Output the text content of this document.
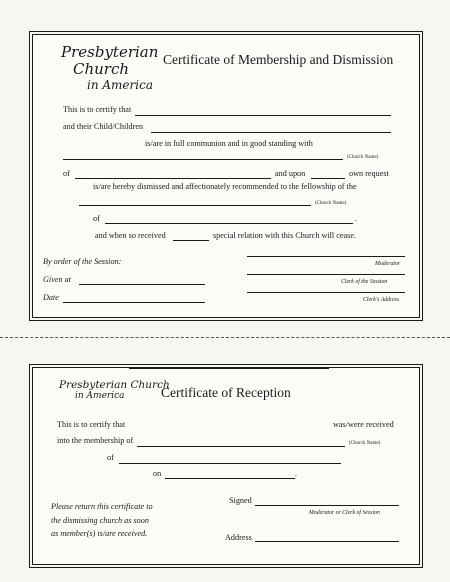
Presbyterian
Church
in America
Certificate of Membership and Dismission
This is to certify that
and their Child/Children
is/are in full communion and in good standing with
(Church Name)
of	and upon	own request
is/are hereby dismissed and affectionately recommended to the fellowship of the
(Church Name)
of	.
and when so received	special relation with this Church will cease.
By order of the Session:
Given at
Date
Moderator
Clerk of the Session
Clerk's Address
Presbyterian Church
in America	Certificate of Reception
This is to certify that	was/were received
into the membership of	(Church Name)
of
on	.
Please return this certificate to
the dismissing church as soon
as member(s) is/are received.
Signed
Moderator or Clerk of Session
Address
